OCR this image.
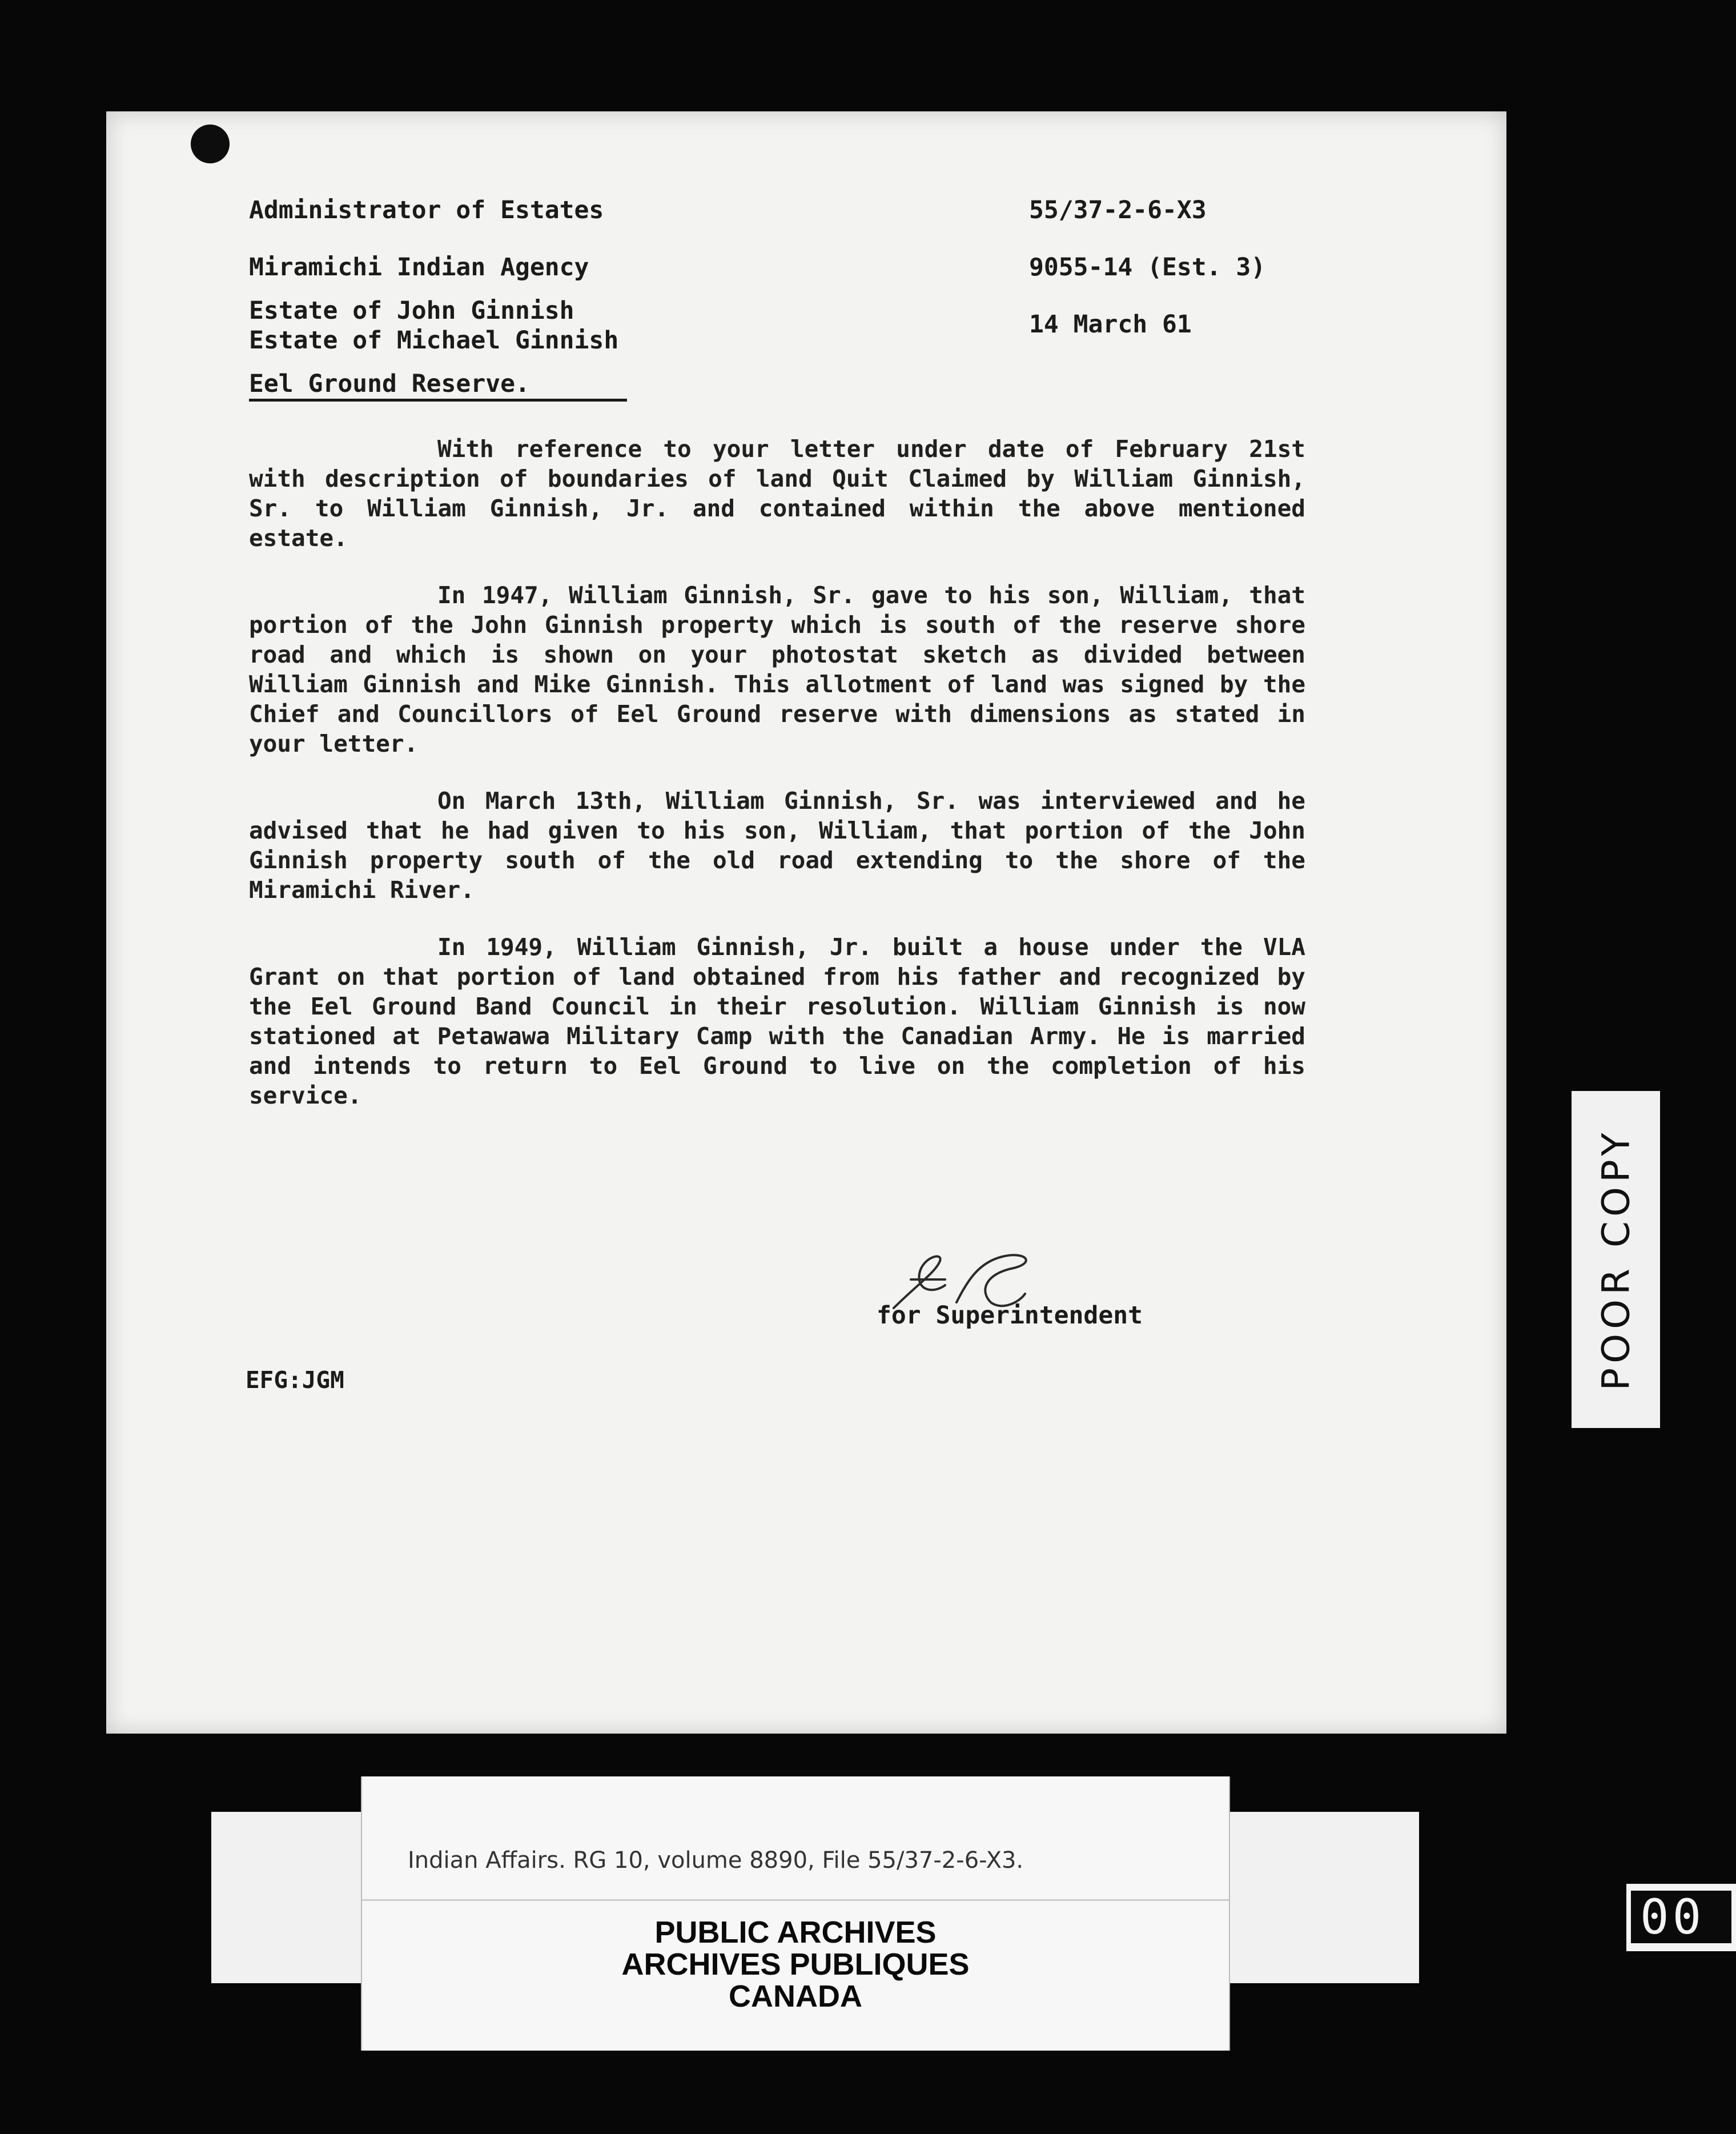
Administrator of Estates
Miramichi Indian Agency
Estate of John Ginnish
Estate of Michael Ginnish
Eel Ground Reserve.
55/37-2-6-X3
9055-14 (Est. 3)
14 March 61

With reference to your letter under date of February 21st with description of boundaries of land Quit Claimed by William Ginnish, Sr. to William Ginnish, Jr. and contained within the above mentioned estate.

In 1947, William Ginnish, Sr. gave to his son, William, that portion of the John Ginnish property which is south of the reserve shore road and which is shown on your photostat sketch as divided between William Ginnish and Mike Ginnish. This allotment of land was signed by the Chief and Councillors of Eel Ground reserve with dimensions as stated in your letter.

On March 13th, William Ginnish, Sr. was interviewed and he advised that he had given to his son, William, that portion of the John Ginnish property south of the old road extending to the shore of the Miramichi River.

In 1949, William Ginnish, Jr. built a house under the VLA Grant on that portion of land obtained from his father and recognized by the Eel Ground Band Council in their resolution. William Ginnish is now stationed at Petawawa Military Camp with the Canadian Army. He is married and intends to return to Eel Ground to live on the completion of his service.

for Superintendent
EFG:JGM	POOR COPY
Indian Affairs. RG 10, volume 8890, File 55/37-2-6-X3.
PUBLIC ARCHIVES
ARCHIVES PUBLIQUES
CANADA
00
